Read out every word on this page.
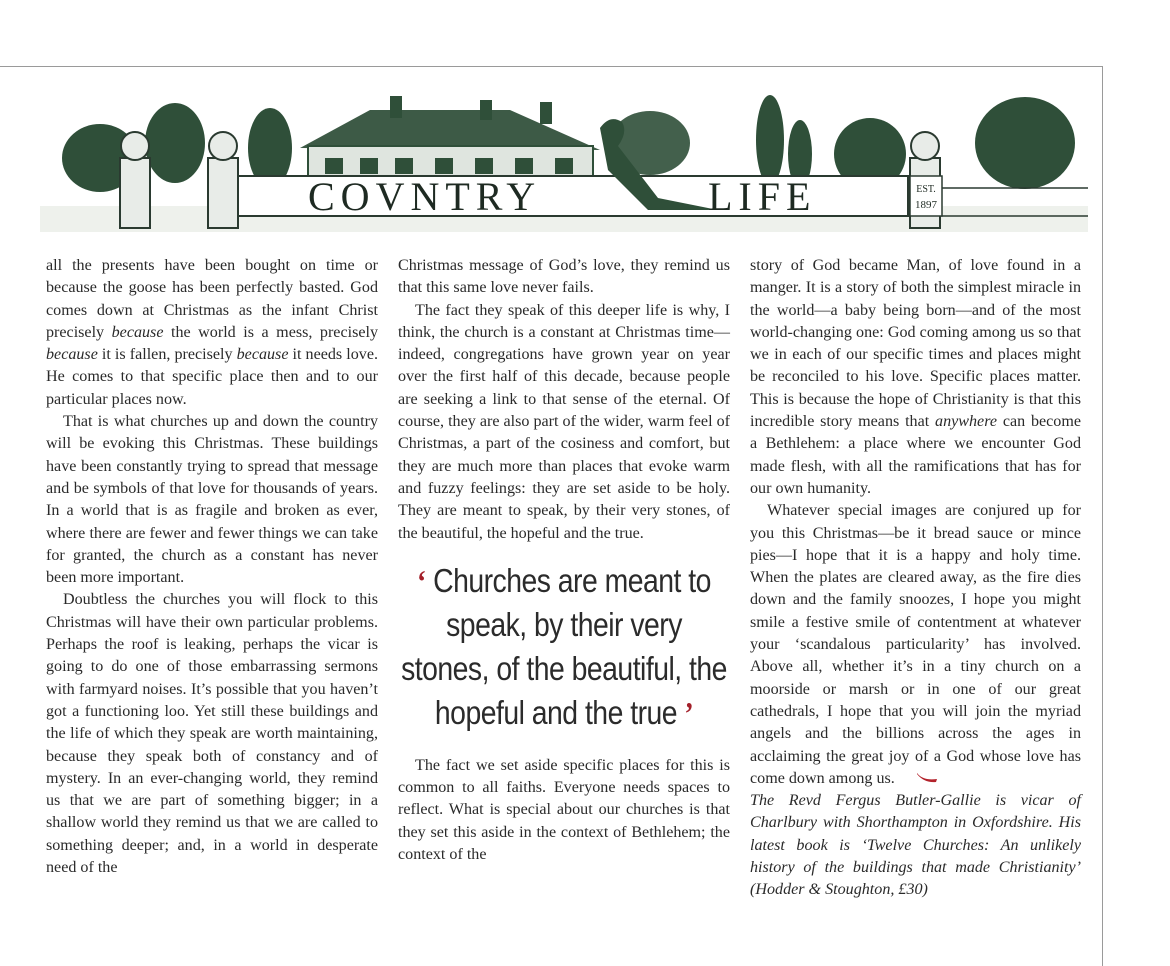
COVNTRY	LIFE	EST.
1897

all the presents have been bought on time or because the goose has been perfectly basted. God comes down at Christmas as the infant Christ precisely because the world is a mess, precisely because it is fallen, precisely because it needs love. He comes to that specific place then and to our particular places now.

That is what churches up and down the country will be evoking this Christmas. These buildings have been constantly trying to spread that message and be symbols of that love for thousands of years. In a world that is as fragile and broken as ever, where there are fewer and fewer things we can take for granted, the church as a constant has never been more important.

Doubtless the churches you will flock to this Christmas will have their own particular problems. Perhaps the roof is leaking, perhaps the vicar is going to do one of those embarrassing sermons with farmyard noises. It’s possible that you haven’t got a functioning loo. Yet still these buildings and the life of which they speak are worth maintaining, because they speak both of constancy and of mystery. In an ever-changing world, they remind us that we are part of something bigger; in a shallow world they remind us that we are called to something deeper; and, in a world in desperate need of the

Christmas message of God’s love, they remind us that this same love never fails.

The fact they speak of this deeper life is why, I think, the church is a constant at Christmas time—indeed, congregations have grown year on year over the first half of this decade, because people are seeking a link to that sense of the eternal. Of course, they are also part of the wider, warm feel of Christmas, a part of the cosiness and comfort, but they are much more than places that evoke warm and fuzzy feelings: they are set aside to be holy. They are meant to speak, by their very stones, of the beautiful, the hopeful and the true.

‘ Churches are meant to speak, by their very stones, of the beautiful, the hopeful and the true ’

The fact we set aside specific places for this is common to all faiths. Everyone needs spaces to reflect. What is special about our churches is that they set this aside in the context of Bethlehem; the context of the

story of God became Man, of love found in a manger. It is a story of both the simplest miracle in the world—a baby being born—and of the most world-changing one: God coming among us so that we in each of our specific times and places might be reconciled to his love. Specific places matter. This is because the hope of Christianity is that this incredible story means that anywhere can become a Bethlehem: a place where we encounter God made flesh, with all the ramifications that has for our own humanity.

Whatever special images are conjured up for you this Christmas—be it bread sauce or mince pies—I hope that it is a happy and holy time. When the plates are cleared away, as the fire dies down and the family snoozes, I hope you might smile a festive smile of contentment at whatever your ‘scandalous particularity’ has involved. Above all, whether it’s in a tiny church on a moorside or marsh or in one of our great cathedrals, I hope that you will join the myriad angels and the billions across the ages in acclaiming the great joy of a God whose love has come down among us.

The Revd Fergus Butler-Gallie is vicar of Charlbury with Shorthampton in Oxfordshire. His latest book is ‘Twelve Churches: An unlikely history of the buildings that made Christianity’ (Hodder & Stoughton, £30)
